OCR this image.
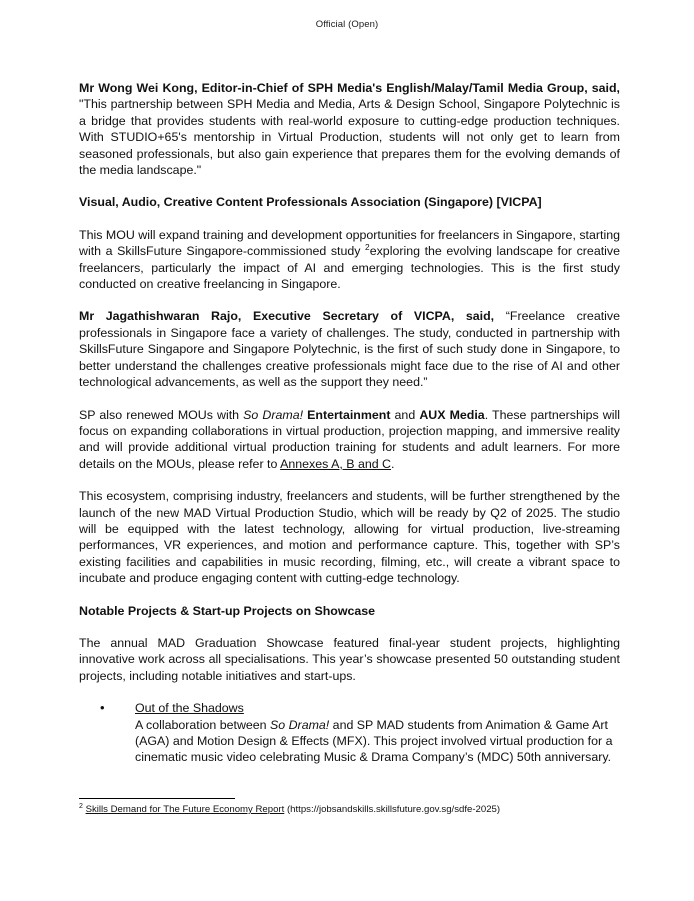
Official (Open)

Mr Wong Wei Kong, Editor-in-Chief of SPH Media's English/Malay/Tamil Media Group, said, "This partnership between SPH Media and Media, Arts & Design School, Singapore Polytechnic is a bridge that provides students with real-world exposure to cutting-edge production techniques. With STUDIO+65's mentorship in Virtual Production, students will not only get to learn from seasoned professionals, but also gain experience that prepares them for the evolving demands of the media landscape."

Visual, Audio, Creative Content Professionals Association (Singapore) [VICPA]

This MOU will expand training and development opportunities for freelancers in Singapore, starting with a SkillsFuture Singapore-commissioned study $^2$exploring the evolving landscape for creative freelancers, particularly the impact of AI and emerging technologies. This is the first study conducted on creative freelancing in Singapore.

Mr Jagathishwaran Rajo, Executive Secretary of VICPA, said, “Freelance creative professionals in Singapore face a variety of challenges. The study, conducted in partnership with SkillsFuture Singapore and Singapore Polytechnic, is the first of such study done in Singapore, to better understand the challenges creative professionals might face due to the rise of AI and other technological advancements, as well as the support they need.”

SP also renewed MOUs with So Drama! Entertainment and AUX Media. These partnerships will focus on expanding collaborations in virtual production, projection mapping, and immersive reality and will provide additional virtual production training for students and adult learners. For more details on the MOUs, please refer to Annexes A, B and C.

This ecosystem, comprising industry, freelancers and students, will be further strengthened by the launch of the new MAD Virtual Production Studio, which will be ready by Q2 of 2025. The studio will be equipped with the latest technology, allowing for virtual production, live-streaming performances, VR experiences, and motion and performance capture. This, together with SP’s existing facilities and capabilities in music recording, filming, etc., will create a vibrant space to incubate and produce engaging content with cutting-edge technology.

Notable Projects & Start-up Projects on Showcase

The annual MAD Graduation Showcase featured final-year student projects, highlighting innovative work across all specialisations. This year’s showcase presented 50 outstanding student projects, including notable initiatives and start-ups.

• Out of the Shadows
A collaboration between So Drama! and SP MAD students from Animation & Game Art (AGA) and Motion Design & Effects (MFX). This project involved virtual production for a cinematic music video celebrating Music & Drama Company’s (MDC) 50th anniversary.
$^2$ Skills Demand for The Future Economy Report (https://jobsandskills.skillsfuture.gov.sg/sdfe-2025)
